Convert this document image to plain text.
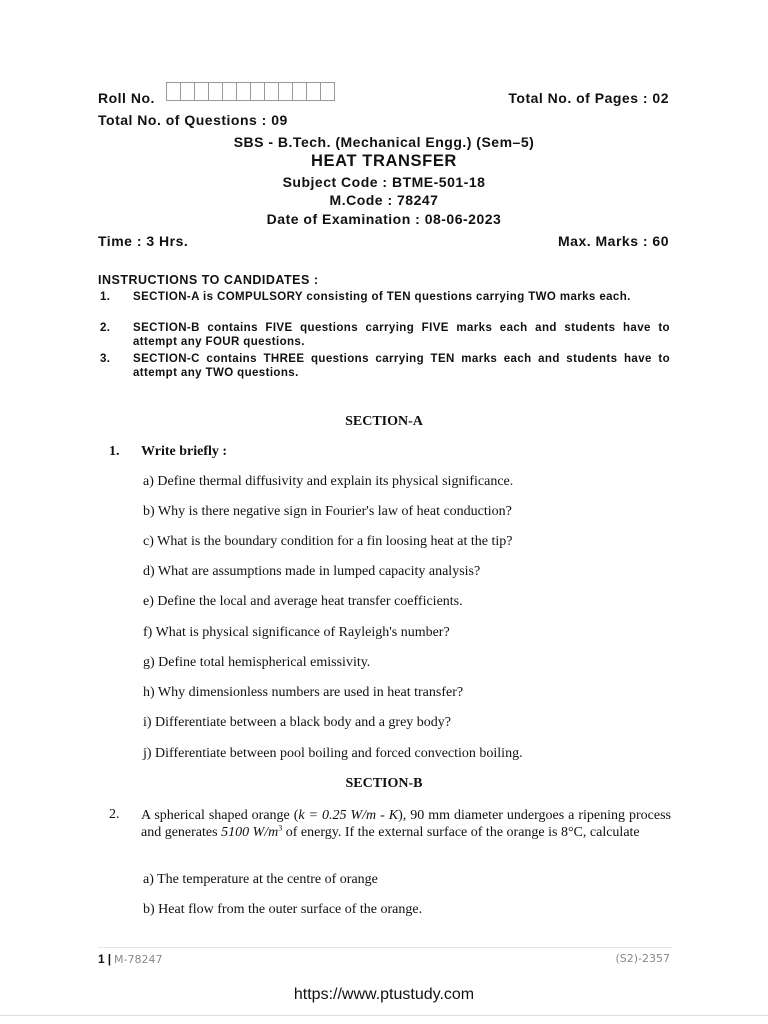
Roll No.	Total No. of Pages : 02
Total No. of Questions : 09
SBS - B.Tech. (Mechanical Engg.) (Sem–5)
HEAT TRANSFER
Subject Code : BTME-501-18
M.Code : 78247
Date of Examination : 08-06-2023
Time : 3 Hrs.	Max. Marks : 60
INSTRUCTIONS TO CANDIDATES :
1.	SECTION-A is COMPULSORY consisting of TEN questions carrying TWO marks each.
2.	SECTION-B contains FIVE questions carrying FIVE marks each and students have to attempt any FOUR questions.
3.	SECTION-C contains THREE questions carrying TEN marks each and students have to attempt any TWO questions.
SECTION-A
1. Write briefly :
a) Define thermal diffusivity and explain its physical significance.
b) Why is there negative sign in Fourier's law of heat conduction?
c) What is the boundary condition for a fin loosing heat at the tip?
d) What are assumptions made in lumped capacity analysis?
e) Define the local and average heat transfer coefficients.
f) What is physical significance of Rayleigh's number?
g) Define total hemispherical emissivity.
h) Why dimensionless numbers are used in heat transfer?
i) Differentiate between a black body and a grey body?
j) Differentiate between pool boiling and forced convection boiling.
SECTION-B
2. A spherical shaped orange (k = 0.25 W/m - K), 90 mm diameter undergoes a ripening process and generates 5100 $W/m^3$ of energy. If the external surface of the orange is 8°C, calculate
a) The temperature at the centre of orange
b) Heat flow from the outer surface of the orange.
1 | M-78247	(S2)-2357
https://www.ptustudy.com
